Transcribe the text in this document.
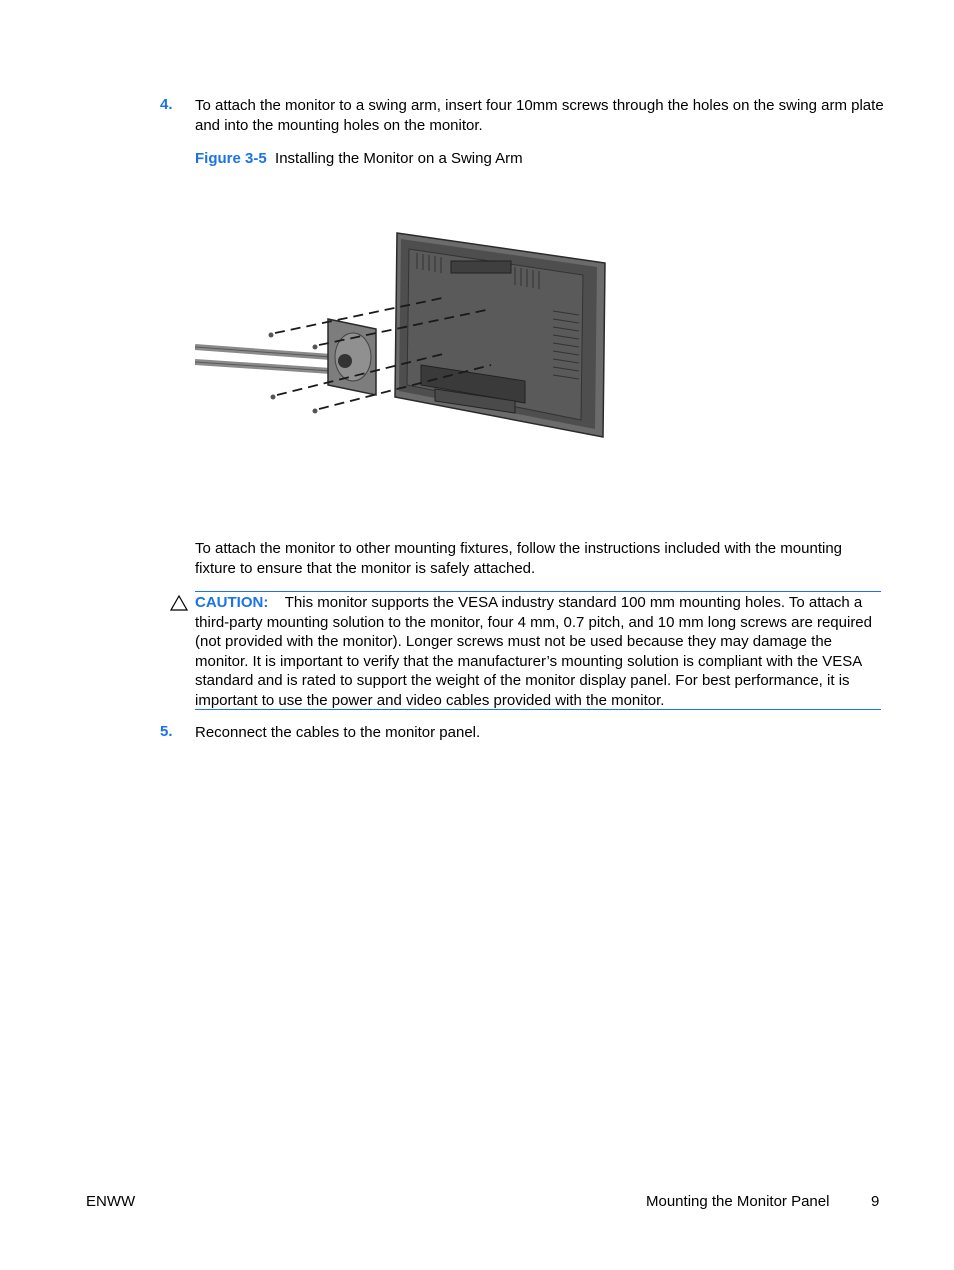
4. To attach the monitor to a swing arm, insert four 10mm screws through the holes on the swing arm plate and into the mounting holes on the monitor.
Figure 3-5 Installing the Monitor on a Swing Arm
To attach the monitor to other mounting fixtures, follow the instructions included with the mounting fixture to ensure that the monitor is safely attached.
CAUTION: This monitor supports the VESA industry standard 100 mm mounting holes. To attach a third-party mounting solution to the monitor, four 4 mm, 0.7 pitch, and 10 mm long screws are required (not provided with the monitor). Longer screws must not be used because they may damage the monitor. It is important to verify that the manufacturer’s mounting solution is compliant with the VESA standard and is rated to support the weight of the monitor display panel. For best performance, it is important to use the power and video cables provided with the monitor.
5. Reconnect the cables to the monitor panel.
ENWW	Mounting the Monitor Panel	9
